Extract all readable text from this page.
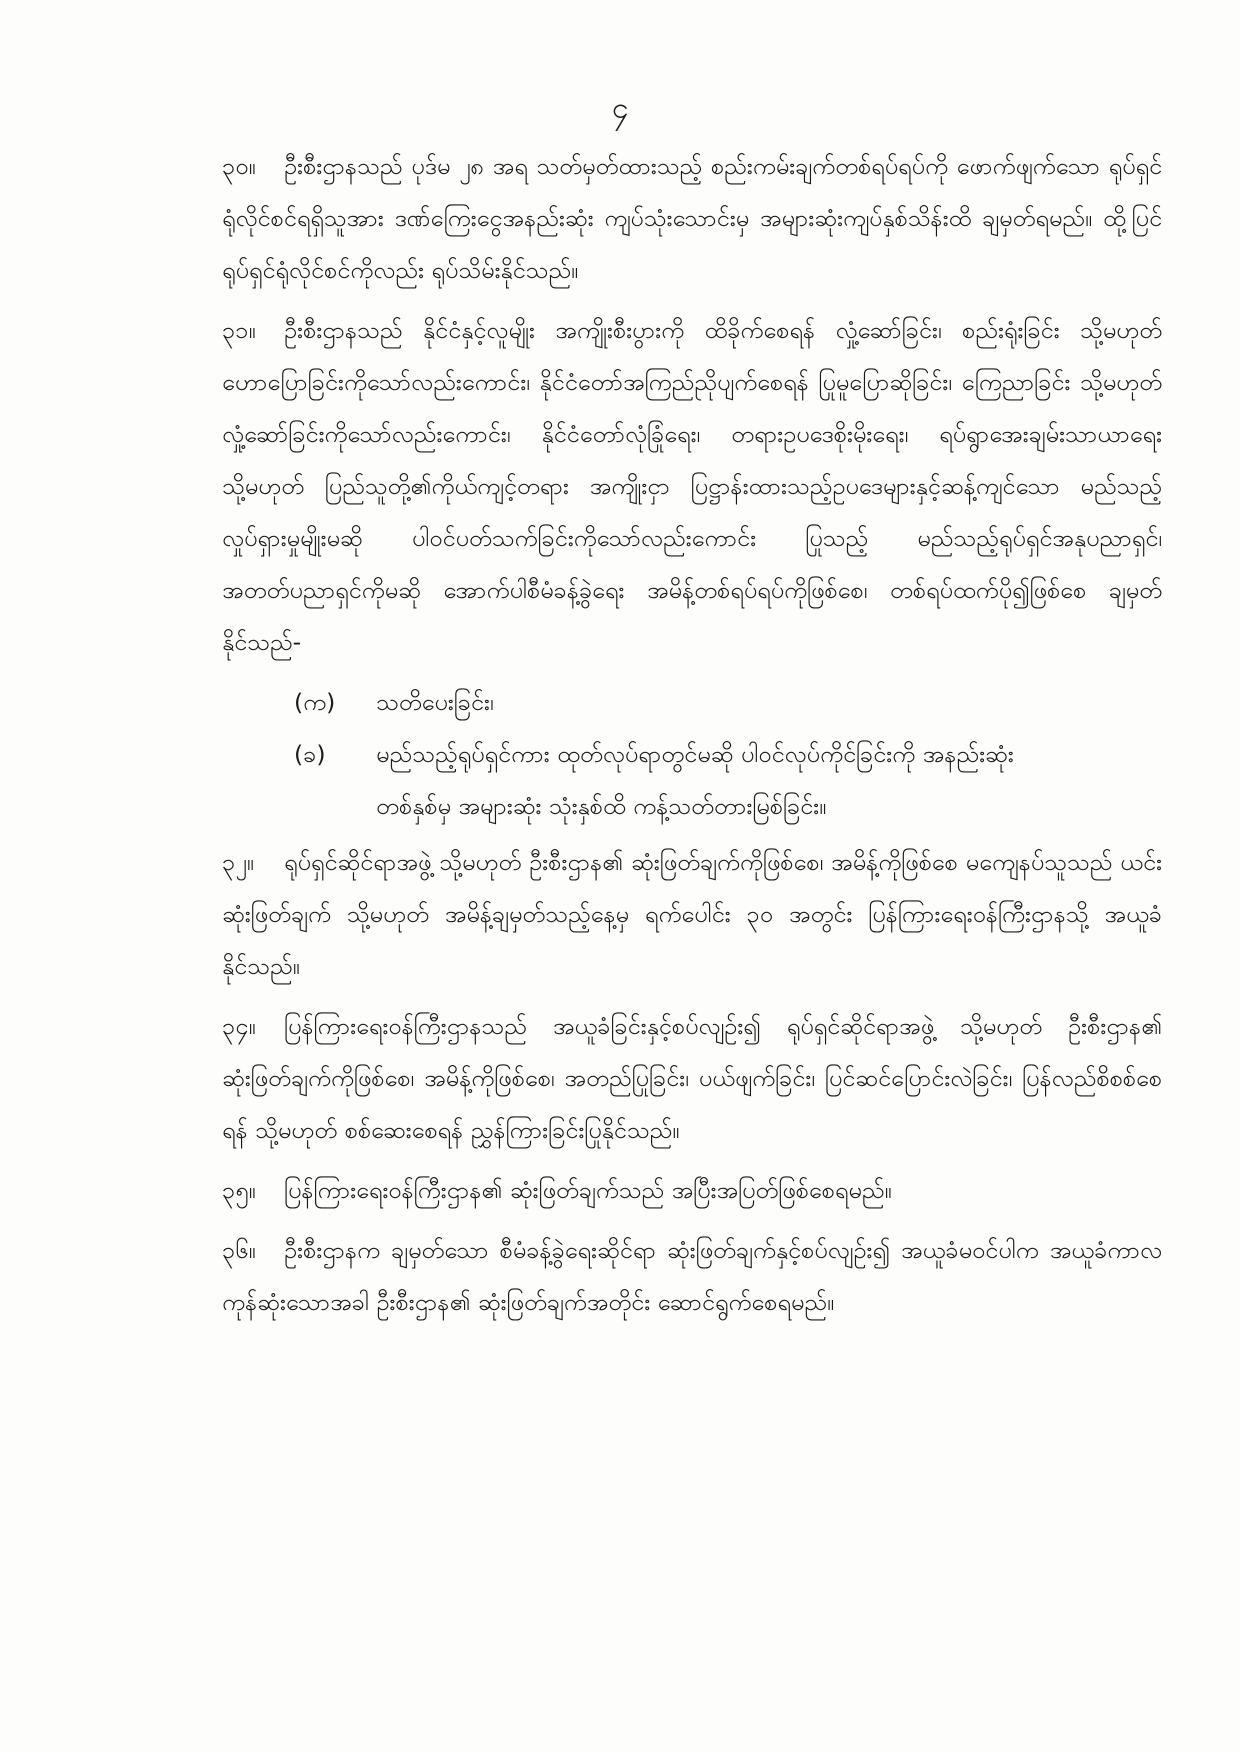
၄

၃၀။ ဦးစီးဌာနသည် ပုဒ်မ ၂၈ အရ သတ်မှတ်ထားသည့် စည်းကမ်းချက်တစ်ရပ်ရပ်ကို ဖောက်ဖျက်သော ရုပ်ရှင်ရုံလိုင်စင်ရရှိသူအား ဒဏ်ကြေးငွေအနည်းဆုံး ကျပ်သုံးသောင်းမှ အများဆုံးကျပ်နှစ်သိန်းထိ ချမှတ်ရမည်။ ထို့ပြင် ရုပ်ရှင်ရုံလိုင်စင်ကိုလည်း ရုပ်သိမ်းနိုင်သည်။

၃၁။ ဦးစီးဌာနသည် နိုင်ငံနှင့်လူမျိုး အကျိုးစီးပွားကို ထိခိုက်စေရန် လှုံ့ဆော်ခြင်း၊ စည်းရုံးခြင်း သို့မဟုတ် ဟောပြောခြင်းကိုသော်လည်းကောင်း၊ နိုင်ငံတော်အကြည်ညိုပျက်စေရန် ပြုမူပြောဆိုခြင်း၊ ကြေညာခြင်း သို့မဟုတ် လှုံ့ဆော်ခြင်းကိုသော်လည်းကောင်း၊ နိုင်ငံတော်လုံခြုံရေး၊ တရားဥပဒေစိုးမိုးရေး၊ ရပ်ရွာအေးချမ်းသာယာရေး သို့မဟုတ် ပြည်သူတို့၏ကိုယ်ကျင့်တရား အကျိုးငှာ ပြဋ္ဌာန်းထားသည့်ဥပဒေများနှင့်ဆန့်ကျင်သော မည်သည့်လှုပ်ရှားမှုမျိုးမဆို ပါဝင်ပတ်သက်ခြင်းကိုသော်လည်းကောင်း ပြုသည့် မည်သည့်ရုပ်ရှင်အနုပညာရှင်၊ အတတ်ပညာရှင်ကိုမဆို အောက်ပါစီမံခန့်ခွဲရေး အမိန့်တစ်ရပ်ရပ်ကိုဖြစ်စေ၊ တစ်ရပ်ထက်ပို၍ဖြစ်စေ ချမှတ်နိုင်သည်-

(က)	သတိပေးခြင်း၊
(ခ)	မည်သည့်ရုပ်ရှင်ကား ထုတ်လုပ်ရာတွင်မဆို ပါဝင်လုပ်ကိုင်ခြင်းကို အနည်းဆုံး
တစ်နှစ်မှ အများဆုံး သုံးနှစ်ထိ ကန့်သတ်တားမြစ်ခြင်း။

၃၂။ ရုပ်ရှင်ဆိုင်ရာအဖွဲ့ သို့မဟုတ် ဦးစီးဌာန၏ ဆုံးဖြတ်ချက်ကိုဖြစ်စေ၊ အမိန့်ကိုဖြစ်စေ မကျေနပ်သူသည် ယင်းဆုံးဖြတ်ချက် သို့မဟုတ် အမိန့်ချမှတ်သည့်နေ့မှ ရက်ပေါင်း ၃၀ အတွင်း ပြန်ကြားရေးဝန်ကြီးဌာနသို့ အယူခံနိုင်သည်။

၃၄။ ပြန်ကြားရေးဝန်ကြီးဌာနသည် အယူခံခြင်းနှင့်စပ်လျဉ်း၍ ရုပ်ရှင်ဆိုင်ရာအဖွဲ့ သို့မဟုတ် ဦးစီးဌာန၏ ဆုံးဖြတ်ချက်ကိုဖြစ်စေ၊ အမိန့်ကိုဖြစ်စေ၊ အတည်ပြုခြင်း၊ ပယ်ဖျက်ခြင်း၊ ပြင်ဆင်ပြောင်းလဲခြင်း၊ ပြန်လည်စိစစ်စေရန် သို့မဟုတ် စစ်ဆေးစေရန် ညွှန်ကြားခြင်းပြုနိုင်သည်။

၃၅။ ပြန်ကြားရေးဝန်ကြီးဌာန၏ ဆုံးဖြတ်ချက်သည် အပြီးအပြတ်ဖြစ်စေရမည်။

၃၆။ ဦးစီးဌာနက ချမှတ်သော စီမံခန့်ခွဲရေးဆိုင်ရာ ဆုံးဖြတ်ချက်နှင့်စပ်လျဉ်း၍ အယူခံမဝင်ပါက အယူခံကာလကုန်ဆုံးသောအခါ ဦးစီးဌာန၏ ဆုံးဖြတ်ချက်အတိုင်း ဆောင်ရွက်စေရမည်။
